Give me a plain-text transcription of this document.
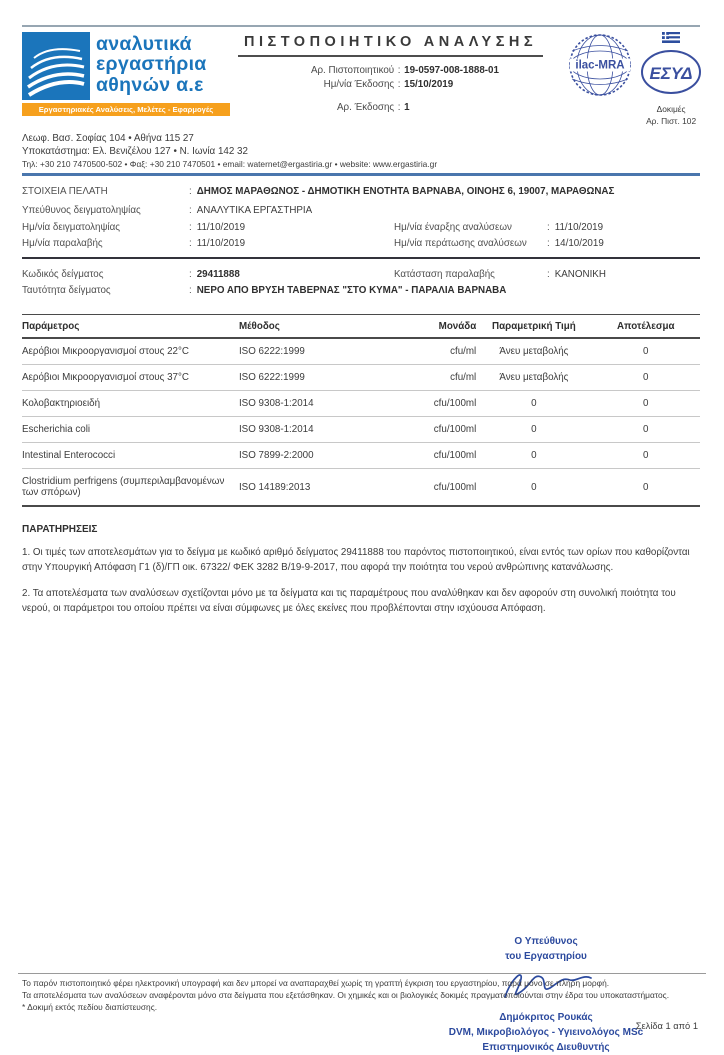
αναλυτικά
εργαστήρια
αθηνών α.ε
Εργαστηριακές Αναλύσεις, Μελέτες - Εφαρμογές
ΠΙΣΤΟΠΟΙΗΤΙΚΟ ΑΝΑΛΥΣΗΣ
Αρ. Πιστοποιητικού : 19-0597-008-1888-01
Ημ/νία Έκδοσης : 15/10/2019
Αρ. Έκδοσης : 1
ilac-MRA ΕΣΥΔ
Δοκιμές
Αρ. Πιστ. 102
Λεωφ. Βασ. Σοφίας 104 • Αθήνα 115 27
Υποκατάστημα: Ελ. Βενιζέλου 127 • Ν. Ιωνία 142 32
Τηλ: +30 210 7470500-502 • Φαξ: +30 210 7470501 • email: waternet@ergastiria.gr • website: www.ergastiria.gr
ΣΤΟΙΧΕΙΑ ΠΕΛΑΤΗ	: ΔΗΜΟΣ ΜΑΡΑΘΩΝΟΣ - ΔΗΜΟΤΙΚΗ ΕΝΟΤΗΤΑ ΒΑΡΝΑΒΑ, ΟΙΝΟΗΣ 6, 19007, ΜΑΡΑΘΩΝΑΣ
Υπεύθυνος δειγματοληψίας	: ΑΝΑΛΥΤΙΚΑ ΕΡΓΑΣΤΗΡΙΑ
Ημ/νία δειγματοληψίας	: 11/10/2019	Ημ/νία έναρξης αναλύσεων	: 11/10/2019
Ημ/νία παραλαβής	: 11/10/2019	Ημ/νία περάτωσης αναλύσεων	: 14/10/2019
Κωδικός δείγματος	: 29411888	Κατάσταση παραλαβής	: ΚΑΝΟΝΙΚΗ
Ταυτότητα δείγματος	: ΝΕΡΟ ΑΠΟ ΒΡΥΣΗ ΤΑΒΕΡΝΑΣ "ΣΤΟ ΚΥΜΑ" - ΠΑΡΑΛΙΑ ΒΑΡΝΑΒΑ
Παράμετρος	Μέθοδος	Μονάδα	Παραμετρική Τιμή	Αποτέλεσμα
Αερόβιοι Μικροοργανισμοί στους 22°C	ISO 6222:1999	cfu/ml	Άνευ μεταβολής	0
Αερόβιοι Μικροοργανισμοί στους 37°C	ISO 6222:1999	cfu/ml	Άνευ μεταβολής	0
Κολοβακτηριοειδή	ISO 9308-1:2014	cfu/100ml	0	0
Escherichia coli	ISO 9308-1:2014	cfu/100ml	0	0
Intestinal Enterococci	ISO 7899-2:2000	cfu/100ml	0	0
Clostridium perfrigens (συμπεριλαμβανομένων των σπόρων)	ISO 14189:2013	cfu/100ml	0	0
ΠΑΡΑΤΗΡΗΣΕΙΣ
1. Οι τιμές των αποτελεσμάτων για το δείγμα με κωδικό αριθμό δείγματος 29411888 του παρόντος πιστοποιητικού, είναι εντός των ορίων που καθορίζονται στην Υπουργική Απόφαση Γ1 (δ)/ΓΠ οικ. 67322/ ΦΕΚ 3282 Β/19-9-2017, που αφορά την ποιότητα του νερού ανθρώπινης κατανάλωσης.
2. Τα αποτελέσματα των αναλύσεων σχετίζονται μόνο με τα δείγματα και τις παραμέτρους που αναλύθηκαν και δεν αφορούν στη συνολική ποιότητα του νερού, οι παράμετροι του οποίου πρέπει να είναι σύμφωνες με όλες εκείνες που προβλέπονται στην ισχύουσα Απόφαση.
Ο Υπεύθυνος
του Εργαστηρίου
Δημόκριτος Ρουκάς
DVM, Μικροβιολόγος - Υγιεινολόγος MSc
Επιστημονικός Διευθυντής
Το παρόν πιστοποιητικό φέρει ηλεκτρονική υπογραφή και δεν μπορεί να αναπαραχθεί χωρίς τη γραπτή έγκριση του εργαστηρίου, παρά μόνο σε πλήρη μορφή.
Τα αποτελέσματα των αναλύσεων αναφέρονται μόνο στα δείγματα που εξετάσθηκαν. Οι χημικές και οι βιολογικές δοκιμές πραγματοποιούνται στην έδρα του υποκαταστήματος.
* Δοκιμή εκτός πεδίου διαπίστευσης.
Σελίδα 1 από 1
